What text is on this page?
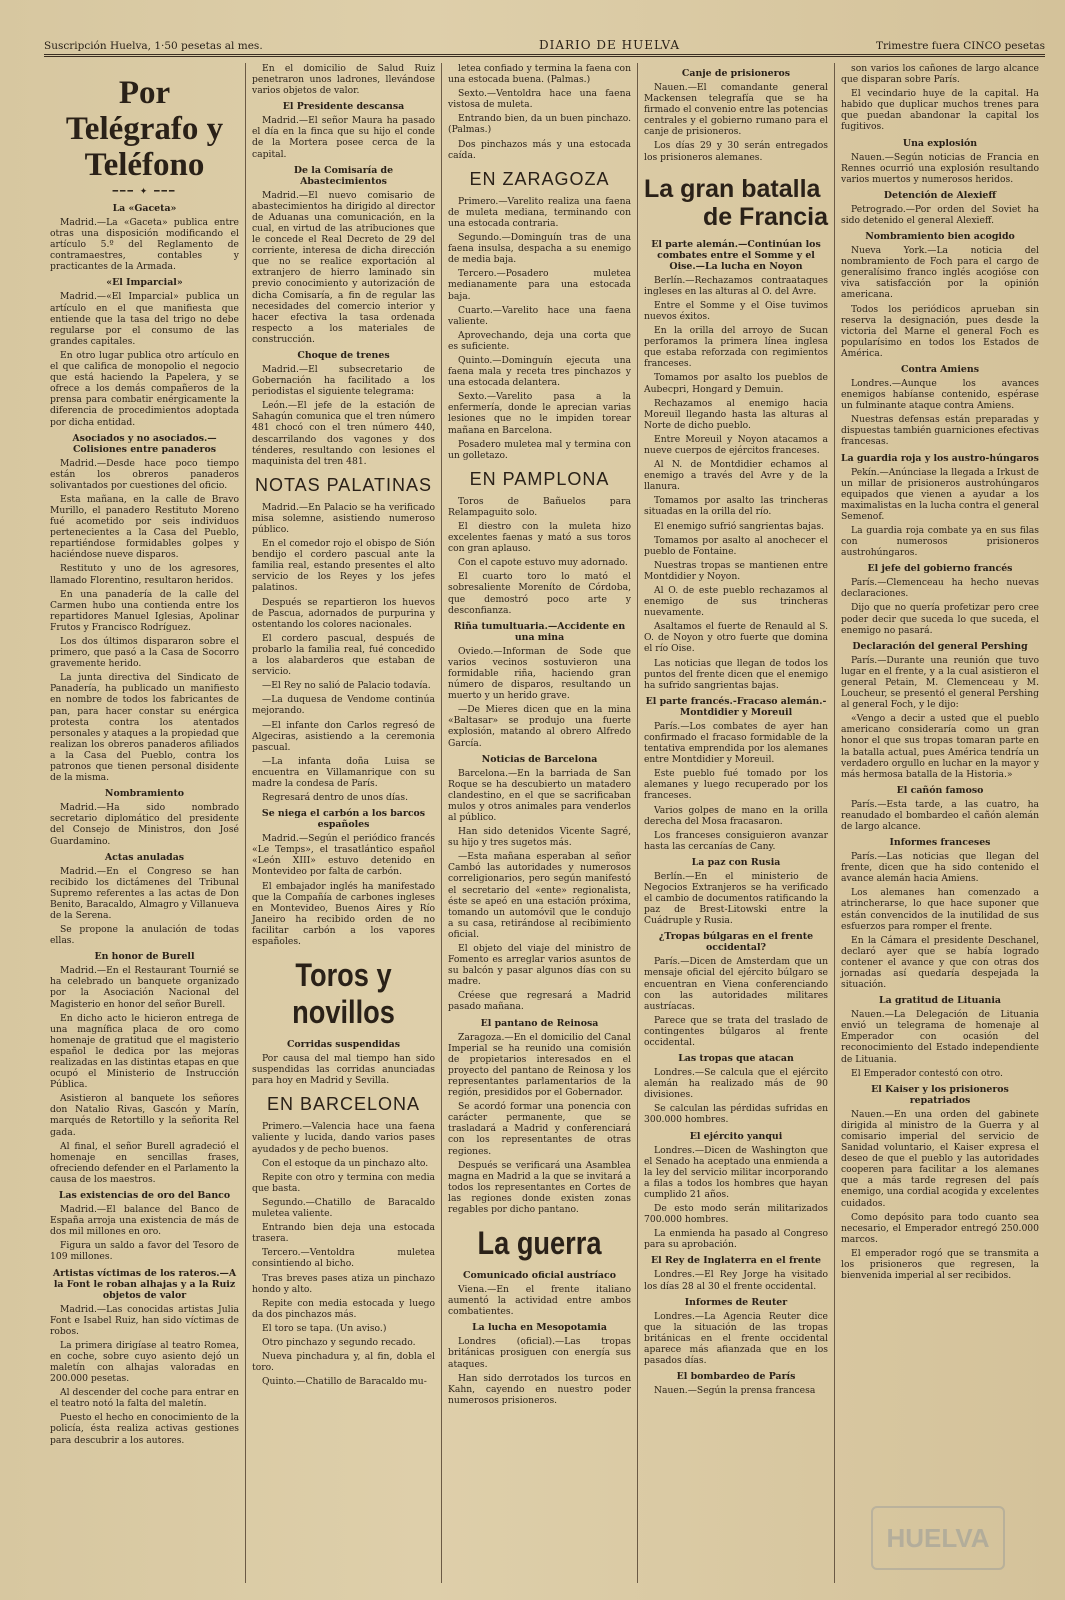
Suscripción Huelva, 1·50 pesetas al mes.	DIARIO DE HUELVA	Trimestre fuera CINCO pesetas
Por Telégrafo y Teléfono
━━━ ✦ ━━━
La «Gaceta»

Madrid.—La «Gaceta» publica entre otras una disposición modificando el artículo 5.º del Reglamento de contramaestres, contables y practicantes de la Armada.

«El Imparcial»

Madrid.—«El Imparcial» publica un artículo en el que manifiesta que entiende que la tasa del trigo no debe regularse por el consumo de las grandes capitales.

En otro lugar publica otro artículo en el que califica de monopolio el negocio que está haciendo la Papelera, y se ofrece a los demás compañeros de la prensa para combatir enérgicamente la diferencia de procedimientos adoptada por dicha entidad.

Asociados y no asociados.—Colisiones entre panaderos

Madrid.—Desde hace poco tiempo están los obreros panaderos solivantados por cuestiones del oficio.

Esta mañana, en la calle de Bravo Murillo, el panadero Restituto Moreno fué acometido por seis individuos pertenecientes a la Casa del Pueblo, repartiéndose formidables golpes y haciéndose nueve disparos.

Restituto y uno de los agresores, llamado Florentino, resultaron heridos.

En una panadería de la calle del Carmen hubo una contienda entre los repartidores Manuel Iglesias, Apolinar Frutos y Francisco Rodríguez.

Los dos últimos dispararon sobre el primero, que pasó a la Casa de Socorro gravemente herido.

La junta directiva del Sindicato de Panadería, ha publicado un manifiesto en nombre de todos los fabricantes de pan, para hacer constar su enérgica protesta contra los atentados personales y ataques a la propiedad que realizan los obreros panaderos afiliados a la Casa del Pueblo, contra los patronos que tienen personal disidente de la misma.

Nombramiento

Madrid.—Ha sido nombrado secretario diplomático del presidente del Consejo de Ministros, don José Guardamino.

Actas anuladas

Madrid.—En el Congreso se han recibido los dictámenes del Tribunal Supremo referentes a las actas de Don Benito, Baracaldo, Almagro y Villanueva de la Serena.

Se propone la anulación de todas ellas.

En honor de Burell

Madrid.—En el Restaurant Tournié se ha celebrado un banquete organizado por la Asociación Nacional del Magisterio en honor del señor Burell.

En dicho acto le hicieron entrega de una magnífica placa de oro como homenaje de gratitud que el magisterio español le dedica por las mejoras realizadas en las distintas etapas en que ocupó el Ministerio de Instrucción Pública.

Asistieron al banquete los señores don Natalio Rivas, Gascón y Marín, marqués de Retortillo y la señorita Rel gada.

Al final, el señor Burell agradeció el homenaje en sencillas frases, ofreciendo defender en el Parlamento la causa de los maestros.

Las existencias de oro del Banco

Madrid.—El balance del Banco de España arroja una existencia de más de dos mil millones en oro.

Figura un saldo a favor del Tesoro de 109 millones.

Artistas víctimas de los rateros.—A la Font le roban alhajas y a la Ruiz objetos de valor

Madrid.—Las conocidas artistas Julia Font e Isabel Ruiz, han sido víctimas de robos.

La primera dirigíase al teatro Romea, en coche, sobre cuyo asiento dejó un maletín con alhajas valoradas en 200.000 pesetas.

Al descender del coche para entrar en el teatro notó la falta del maletín.

Puesto el hecho en conocimiento de la policía, ésta realiza activas gestiones para descubrir a los autores.

En el domicilio de Salud Ruiz penetraron unos ladrones, llevándose varios objetos de valor.

El Presidente descansa

Madrid.—El señor Maura ha pasado el día en la finca que su hijo el conde de la Mortera posee cerca de la capital.

De la Comisaría de Abastecimientos

Madrid.—El nuevo comisario de abastecimientos ha dirigido al director de Aduanas una comunicación, en la cual, en virtud de las atribuciones que le concede el Real Decreto de 29 del corriente, interesa de dicha dirección que no se realice exportación al extranjero de hierro laminado sin previo conocimiento y autorización de dicha Comisaría, a fin de regular las necesidades del comercio interior y hacer efectiva la tasa ordenada respecto a los materiales de construcción.

Choque de trenes

Madrid.—El subsecretario de Gobernación ha facilitado a los periodistas el siguiente telegrama:

León.—El jefe de la estación de Sahagún comunica que el tren número 481 chocó con el tren número 440, descarrilando dos vagones y dos ténderes, resultando con lesiones el maquinista del tren 481.

NOTAS PALATINAS

Madrid.—En Palacio se ha verificado misa solemne, asistiendo numeroso público.

En el comedor rojo el obispo de Sión bendijo el cordero pascual ante la familia real, estando presentes el alto servicio de los Reyes y los jefes palatinos.

Después se repartieron los huevos de Pascua, adornados de purpurina y ostentando los colores nacionales.

El cordero pascual, después de probarlo la familia real, fué concedido a los alabarderos que estaban de servicio.

—El Rey no salió de Palacio todavía.

—La duquesa de Vendome continúa mejorando.

—El infante don Carlos regresó de Algeciras, asistiendo a la ceremonia pascual.

—La infanta doña Luisa se encuentra en Villamanrique con su madre la condesa de París.

Regresará dentro de unos días.

Se niega el carbón a los barcos españoles

Madrid.—Según el periódico francés «Le Temps», el trasatlántico español «León XIII» estuvo detenido en Montevideo por falta de carbón.

El embajador inglés ha manifestado que la Compañía de carbones ingleses en Montevideo, Buenos Aires y Río Janeiro ha recibido orden de no facilitar carbón a los vapores españoles.

Toros y novillos
Corridas suspendidas

Por causa del mal tiempo han sido suspendidas las corridas anunciadas para hoy en Madrid y Sevilla.

EN BARCELONA

Primero.—Valencia hace una faena valiente y lucida, dando varios pases ayudados y de pecho buenos.

Con el estoque da un pinchazo alto.

Repite con otro y termina con media que basta.

Segundo.—Chatillo de Baracaldo muletea valiente.

Entrando bien deja una estocada trasera.

Tercero.—Ventoldra muletea consintiendo al bicho.

Tras breves pases atiza un pinchazo hondo y alto.

Repite con media estocada y luego da dos pinchazos más.

El toro se tapa. (Un aviso.)

Otro pinchazo y segundo recado.

Nueva pinchadura y, al fin, dobla el toro.

Quinto.—Chatillo de Baracaldo mu-

letea confiado y termina la faena con una estocada buena. (Palmas.)

Sexto.—Ventoldra hace una faena vistosa de muleta.

Entrando bien, da un buen pinchazo. (Palmas.)

Dos pinchazos más y una estocada caída.

EN ZARAGOZA

Primero.—Varelito realiza una faena de muleta mediana, terminando con una estocada contraria.

Segundo.—Dominguín tras de una faena insulsa, despacha a su enemigo de media baja.

Tercero.—Posadero muletea medianamente para una estocada baja.

Cuarto.—Varelito hace una faena valiente.

Aprovechando, deja una corta que es suficiente.

Quinto.—Dominguín ejecuta una faena mala y receta tres pinchazos y una estocada delantera.

Sexto.—Varelito pasa a la enfermería, donde le aprecian varias lesiones que no le impiden torear mañana en Barcelona.

Posadero muletea mal y termina con un golletazo.

EN PAMPLONA

Toros de Bañuelos para Relampaguito solo.

El diestro con la muleta hizo excelentes faenas y mató a sus toros con gran aplauso.

Con el capote estuvo muy adornado.

El cuarto toro lo mató el sobresaliente Moreníto de Córdoba, que demostró poco arte y desconfianza.

Riña tumultuaria.—Accidente en una mina

Oviedo.—Informan de Sode que varios vecinos sostuvieron una formidable riña, haciendo gran número de disparos, resultando un muerto y un herido grave.

—De Mieres dicen que en la mina «Baltasar» se produjo una fuerte explosión, matando al obrero Alfredo García.

Noticias de Barcelona

Barcelona.—En la barriada de San Roque se ha descubierto un matadero clandestino, en el que se sacrificaban mulos y otros animales para venderlos al público.

Han sido detenidos Vicente Sagré, su hijo y tres sugetos más.

—Esta mañana esperaban al señor Cambó las autoridades y numerosos correligionarios, pero según manifestó el secretario del «ente» regionalista, éste se apeó en una estación próxima, tomando un automóvil que le condujo a su casa, retirándose al recibimiento oficial.

El objeto del viaje del ministro de Fomento es arreglar varios asuntos de su balcón y pasar algunos días con su madre.

Créese que regresará a Madrid pasado mañana.

El pantano de Reinosa

Zaragoza.—En el domicilio del Canal Imperial se ha reunido una comisión de propietarios interesados en el proyecto del pantano de Reinosa y los representantes parlamentarios de la región, presididos por el Gobernador.

Se acordó formar una ponencia con carácter permanente, que se trasladará a Madrid y conferenciará con los representantes de otras regiones.

Después se verificará una Asamblea magna en Madrid a la que se invitará a todos los representantes en Cortes de las regiones donde existen zonas regables por dicho pantano.

La guerra
Comunicado oficial austríaco

Viena.—En el frente italiano aumentó la actividad entre ambos combatientes.

La lucha en Mesopotamia

Londres (oficial).—Las tropas británicas prosiguen con energía sus ataques.

Han sido derrotados los turcos en Kahn, cayendo en nuestro poder numerosos prisioneros.

Canje de prisioneros

Nauen.—El comandante general Mackensen telegrafía que se ha firmado el convenio entre las potencias centrales y el gobierno rumano para el canje de prisioneros.

Los días 29 y 30 serán entregados los prisioneros alemanes.

La gran batalla
de Francia
El parte alemán.—Continúan los combates entre el Somme y el Oise.—La lucha en Noyon

Berlín.—Rechazamos contraataques ingleses en las alturas al O. del Avre.

Entre el Somme y el Oise tuvimos nuevos éxitos.

En la orilla del arroyo de Sucan perforamos la primera línea inglesa que estaba reforzada con regimientos franceses.

Tomamos por asalto los pueblos de Aubecpri, Hongard y Demuin.

Rechazamos al enemigo hacia Moreuil llegando hasta las alturas al Norte de dicho pueblo.

Entre Moreuil y Noyon atacamos a nueve cuerpos de ejércitos franceses.

Al N. de Montdidier echamos al enemigo a través del Avre y de la llanura.

Tomamos por asalto las trincheras situadas en la orilla del río.

El enemigo sufrió sangrientas bajas.

Tomamos por asalto al anochecer el pueblo de Fontaine.

Nuestras tropas se mantienen entre Montdidier y Noyon.

Al O. de este pueblo rechazamos al enemigo de sus trincheras nuevamente.

Asaltamos el fuerte de Renauld al S. O. de Noyon y otro fuerte que domina el río Oise.

Las noticias que llegan de todos los puntos del frente dicen que el enemigo ha sufrido sangrientas bajas.

El parte francés.-Fracaso alemán.- Montdidier y Moreuil

París.—Los combates de ayer han confirmado el fracaso formidable de la tentativa emprendida por los alemanes entre Montdidier y Moreuil.

Este pueblo fué tomado por los alemanes y luego recuperado por los franceses.

Varios golpes de mano en la orilla derecha del Mosa fracasaron.

Los franceses consiguieron avanzar hasta las cercanías de Cany.

La paz con Rusia

Berlín.—En el ministerio de Negocios Extranjeros se ha verificado el cambio de documentos ratificando la paz de Brest-Litowski entre la Cuádruple y Rusia.

¿Tropas búlgaras en el frente occidental?

París.—Dicen de Amsterdam que un mensaje oficial del ejército búlgaro se encuentran en Viena conferenciando con las autoridades militares austríacas.

Parece que se trata del traslado de contingentes búlgaros al frente occidental.

Las tropas que atacan

Londres.—Se calcula que el ejército alemán ha realizado más de 90 divisiones.

Se calculan las pérdidas sufridas en 300.000 hombres.

El ejército yanqui

Londres.—Dicen de Washington que el Senado ha aceptado una enmienda a la ley del servicio militar incorporando a filas a todos los hombres que hayan cumplido 21 años.

De esto modo serán militarizados 700.000 hombres.

La enmienda ha pasado al Congreso para su aprobación.

El Rey de Inglaterra en el frente

Londres.—El Rey Jorge ha visitado los días 28 al 30 el frente occidental.

Informes de Reuter

Londres.—La Agencia Reuter dice que la situación de las tropas británicas en el frente occidental aparece más afianzada que en los pasados días.

El bombardeo de París

Nauen.—Según la prensa francesa

son varios los cañones de largo alcance que disparan sobre París.

El vecindario huye de la capital. Ha habido que duplicar muchos trenes para que puedan abandonar la capital los fugitivos.

Una explosión

Nauen.—Según noticias de Francia en Rennes ocurrió una explosión resultando varios muertos y numerosos heridos.

Detención de Alexieff

Petrogrado.—Por orden del Soviet ha sido detenido el general Alexieff.

Nombramiento bien acogido

Nueva York.—La noticia del nombramiento de Foch para el cargo de generalísimo franco inglés acogióse con viva satisfacción por la opinión americana.

Todos los periódicos aprueban sin reserva la designación, pues desde la victoria del Marne el general Foch es popularísimo en todos los Estados de América.

Contra Amiens

Londres.—Aunque los avances enemigos habíanse contenido, espérase un fulminante ataque contra Amiens.

Nuestras defensas están preparadas y dispuestas también guarniciones efectivas francesas.

La guardia roja y los austro-húngaros

Pekín.—Anúnciase la llegada a Irkust de un millar de prisioneros austrohúngaros equipados que vienen a ayudar a los maximalistas en la lucha contra el general Semenof.

La guardia roja combate ya en sus filas con numerosos prisioneros austrohúngaros.

El jefe del gobierno francés

París.—Clemenceau ha hecho nuevas declaraciones.

Dijo que no quería profetizar pero cree poder decir que suceda lo que suceda, el enemigo no pasará.

Declaración del general Pershing

París.—Durante una reunión que tuvo lugar en el frente, y a la cual asistieron el general Petain, M. Clemenceau y M. Loucheur, se presentó el general Pershing al general Foch, y le dijo:

«Vengo a decir a usted que el pueblo americano consideraría como un gran honor el que sus tropas tomaran parte en la batalla actual, pues América tendría un verdadero orgullo en luchar en la mayor y más hermosa batalla de la Historia.»

El cañón famoso

París.—Esta tarde, a las cuatro, ha reanudado el bombardeo el cañón alemán de largo alcance.

Informes franceses

París.—Las noticias que llegan del frente, dicen que ha sido contenido el avance alemán hacia Amiens.

Los alemanes han comenzado a atrincherarse, lo que hace suponer que están convencidos de la inutilidad de sus esfuerzos para romper el frente.

En la Cámara el presidente Deschanel, declaró ayer que se había logrado contener el avance y que con otras dos jornadas así quedaría despejada la situación.

La gratitud de Lituania

Nauen.—La Delegación de Lituania envió un telegrama de homenaje al Emperador con ocasión del reconocimiento del Estado independiente de Lituania.

El Emperador contestó con otro.

El Kaiser y los prisioneros repatriados

Nauen.—En una orden del gabinete dirigida al ministro de la Guerra y al comisario imperial del servicio de Sanidad voluntario, el Kaiser expresa el deseo de que el pueblo y las autoridades cooperen para facilitar a los alemanes que a más tarde regresen del país enemigo, una cordial acogida y excelentes cuidados.

Como depósito para todo cuanto sea necesario, el Emperador entregó 250.000 marcos.

El emperador rogó que se transmita a los prisioneros que regresen, la bienvenida imperial al ser recibidos.

HUELVA
